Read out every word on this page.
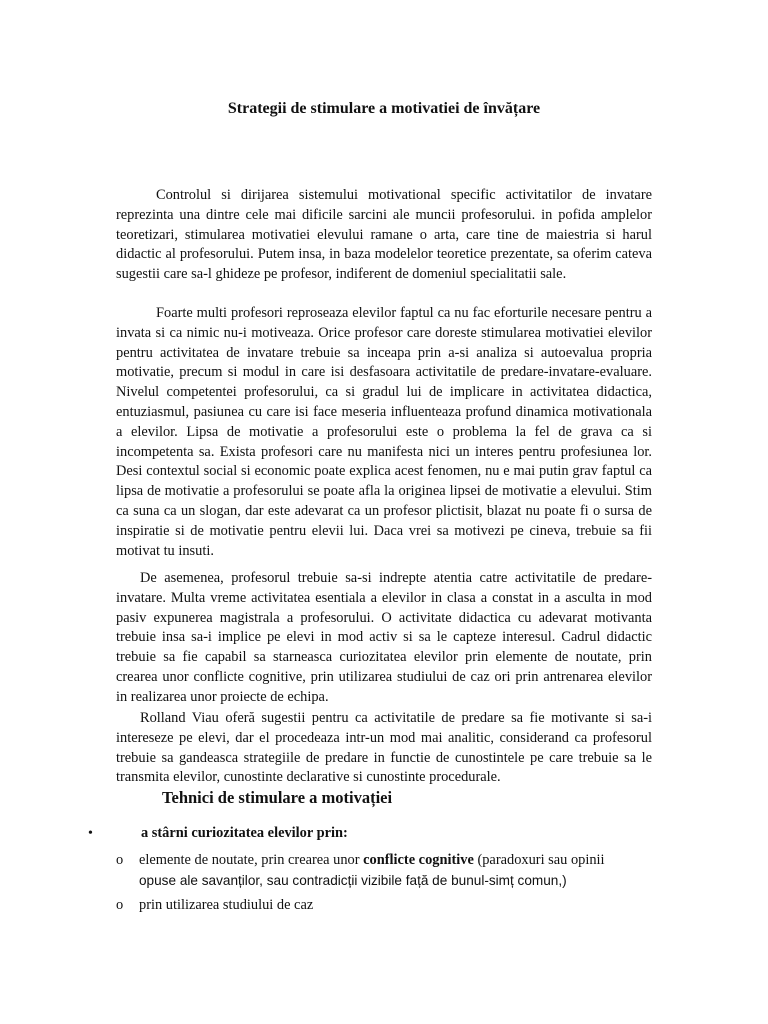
Strategii de stimulare a motivatiei de învățare

Controlul si dirijarea sistemului motivational specific activitatilor de invatare reprezinta una dintre cele mai dificile sarcini ale muncii profesorului. in pofida amplelor teoretizari, stimularea motivatiei elevului ramane o arta, care tine de maiestria si harul didactic al profesorului. Putem insa, in baza modelelor teoretice prezentate, sa oferim cateva sugestii care sa-l ghideze pe profesor, indiferent de domeniul specialitatii sale.

Foarte multi profesori reproseaza elevilor faptul ca nu fac eforturile necesare pentru a invata si ca nimic nu-i motiveaza. Orice profesor care doreste stimularea motivatiei elevilor pentru activitatea de invatare trebuie sa inceapa prin a-si analiza si autoevalua propria motivatie, precum si modul in care isi desfasoara activitatile de predare-invatare-evaluare. Nivelul competentei profesorului, ca si gradul lui de implicare in activitatea didactica, entuziasmul, pasiunea cu care isi face meseria influenteaza profund dinamica motivationala a elevilor. Lipsa de motivatie a profesorului este o problema la fel de grava ca si incompetenta sa. Exista profesori care nu manifesta nici un interes pentru profesiunea lor. Desi contextul social si economic poate explica acest fenomen, nu e mai putin grav faptul ca lipsa de motivatie a profesorului se poate afla la originea lipsei de motivatie a elevului. Stim ca suna ca un slogan, dar este adevarat ca un profesor plictisit, blazat nu poate fi o sursa de inspiratie si de motivatie pentru elevii lui. Daca vrei sa motivezi pe cineva, trebuie sa fii motivat tu insuti.

De asemenea, profesorul trebuie sa-si indrepte atentia catre activitatile de predare-invatare. Multa vreme activitatea esentiala a elevilor in clasa a constat in a asculta in mod pasiv expunerea magistrala a profesorului. O activitate didactica cu adevarat motivanta trebuie insa sa-i implice pe elevi in mod activ si sa le capteze interesul. Cadrul didactic trebuie sa fie capabil sa starneasca curiozitatea elevilor prin elemente de noutate, prin crearea unor conflicte cognitive, prin utilizarea studiului de caz ori prin antrenarea elevilor in realizarea unor proiecte de echipa.

Rolland Viau oferă sugestii pentru ca activitatile de predare sa fie motivante si sa-i intereseze pe elevi, dar el procedeaza intr-un mod mai analitic, considerand ca profesorul trebuie sa gandeasca strategiile de predare in functie de cunostintele pe care trebuie sa le transmita elevilor, cunostinte declarative si cunostinte procedurale.

Tehnici de stimulare a motivației
•	a stârni curiozitatea elevilor prin:
o elemente de noutate, prin crearea unor conflicte cognitive (paradoxuri sau opinii
opuse ale savanților, sau contradicții vizibile față de bunul-simț comun,)
o prin utilizarea studiului de caz
